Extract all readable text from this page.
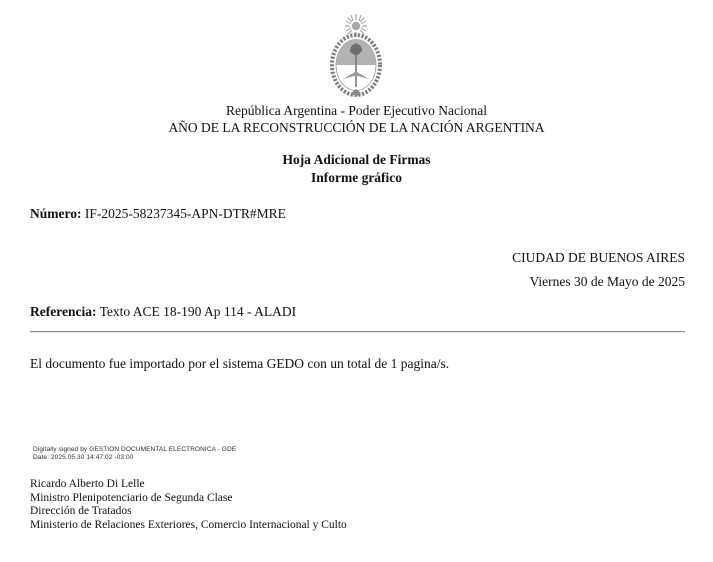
República Argentina - Poder Ejecutivo Nacional
AÑO DE LA RECONSTRUCCIÓN DE LA NACIÓN ARGENTINA
Hoja Adicional de Firmas
Informe gráfico
Número: IF-2025-58237345-APN-DTR#MRE
CIUDAD DE BUENOS AIRES
Viernes 30 de Mayo de 2025
Referencia: Texto ACE 18-190 Ap 114 - ALADI
El documento fue importado por el sistema GEDO con un total de 1 pagina/s.
Digitally signed by GESTION DOCUMENTAL ELECTRONICA - GDE
Date: 2025.05.30 14:47:02 -03:00
Ricardo Alberto Di Lelle
Ministro Plenipotenciario de Segunda Clase
Dirección de Tratados
Ministerio de Relaciones Exteriores, Comercio Internacional y Culto
